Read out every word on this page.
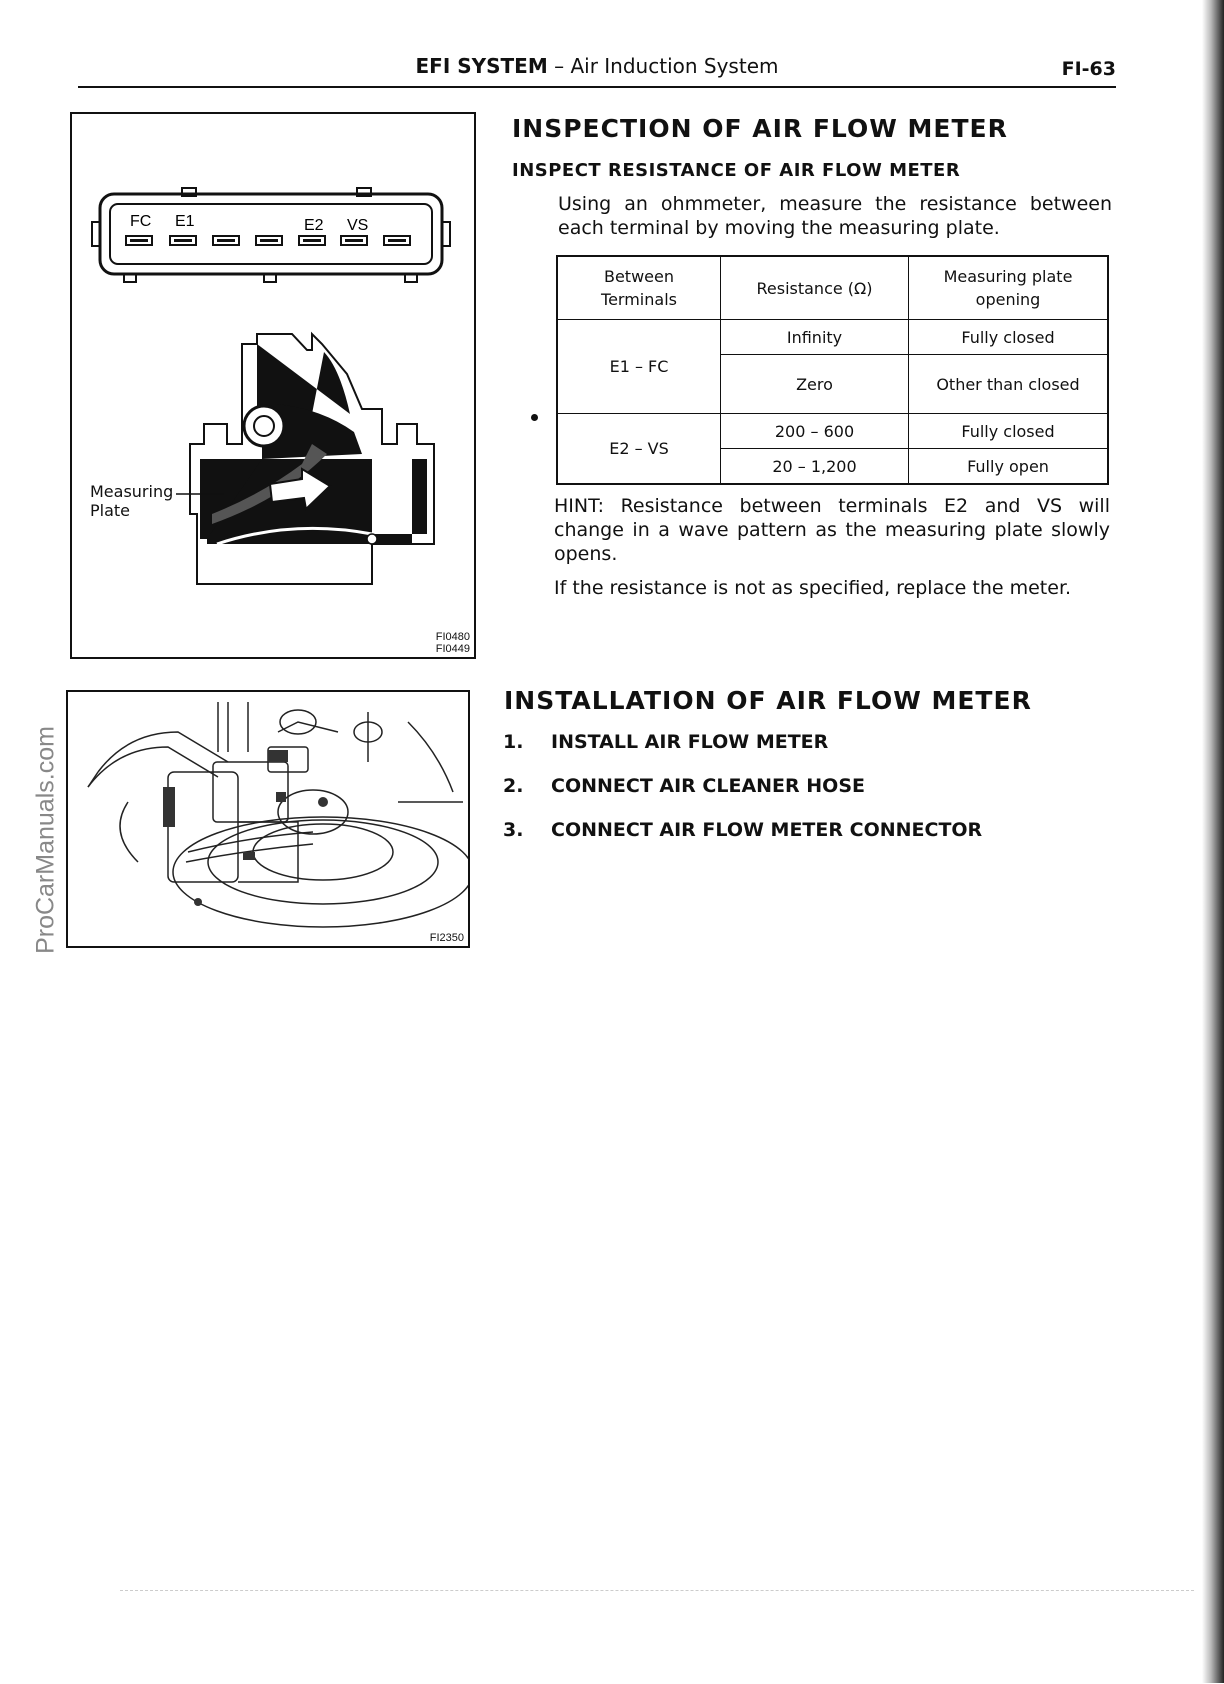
ProCarManuals.com
EFI SYSTEM – Air Induction System	FI-63
FC E1	E2 VS
Measuring
Plate
FI0480
FI0449
FI2350
INSPECTION OF AIR FLOW METER
INSPECT RESISTANCE OF AIR FLOW METER
Using an ohmmeter, measure the resistance between each terminal by moving the measuring plate.
Between Terminals	Resistance (Ω)	Measuring plate opening
E1 – FC	Infinity	Fully closed
	Zero	Other than closed
E2 – VS	200 – 600	Fully closed
	20 – 1,200	Fully open
HINT: Resistance between terminals E2 and VS will change in a wave pattern as the measuring plate slowly opens.
If the resistance is not as specified, replace the meter.
INSTALLATION OF AIR FLOW METER
1. INSTALL AIR FLOW METER
2. CONNECT AIR CLEANER HOSE
3. CONNECT AIR FLOW METER CONNECTOR
